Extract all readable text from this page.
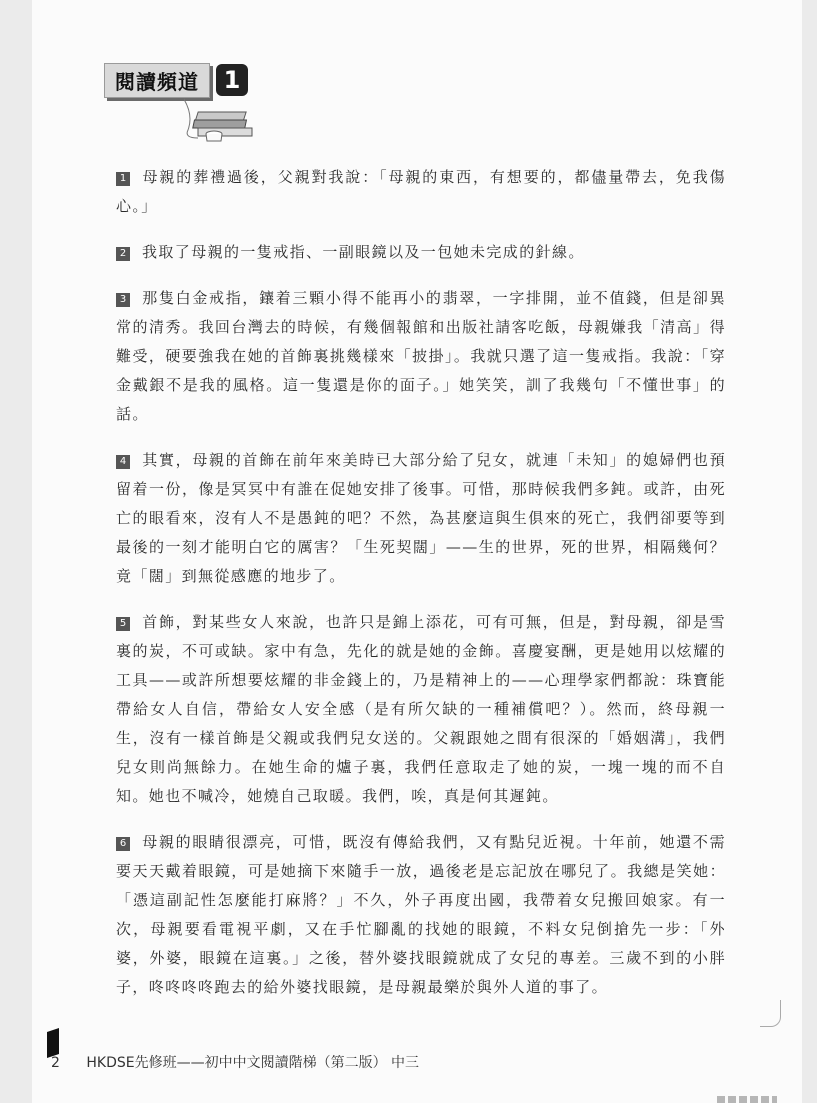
閱讀頻道	1

1 母親的葬禮過後，父親對我說：「母親的東西，有想要的，都儘量帶去，免我傷心。」

2 我取了母親的一隻戒指、一副眼鏡以及一包她未完成的針線。

3 那隻白金戒指，鑲着三顆小得不能再小的翡翠，一字排開，並不值錢，但是卻異常的清秀。我回台灣去的時候，有幾個報館和出版社請客吃飯，母親嫌我「清高」得難受，硬要強我在她的首飾裏挑幾樣來「披掛」。我就只選了這一隻戒指。我說：「穿金戴銀不是我的風格。這一隻還是你的面子。」她笑笑，訓了我幾句「不懂世事」的話。

4 其實，母親的首飾在前年來美時已大部分給了兒女，就連「未知」的媳婦們也預留着一份，像是冥冥中有誰在促她安排了後事。可惜，那時候我們多鈍。或許，由死亡的眼看來，沒有人不是愚鈍的吧？不然，為甚麼這與生俱來的死亡，我們卻要等到最後的一刻才能明白它的厲害？「生死契闊」——生的世界，死的世界，相隔幾何？竟「闊」到無從感應的地步了。

5 首飾，對某些女人來說，也許只是錦上添花，可有可無，但是，對母親，卻是雪裏的炭，不可或缺。家中有急，先化的就是她的金飾。喜慶宴酬，更是她用以炫耀的工具——或許所想要炫耀的非金錢上的，乃是精神上的——心理學家們都說：珠寶能帶給女人自信，帶給女人安全感（是有所欠缺的一種補償吧？）。然而，終母親一生，沒有一樣首飾是父親或我們兒女送的。父親跟她之間有很深的「婚姻溝」，我們兒女則尚無餘力。在她生命的爐子裏，我們任意取走了她的炭，一塊一塊的而不自知。她也不喊冷，她燒自己取暖。我們，唉，真是何其遲鈍。

6 母親的眼睛很漂亮，可惜，既沒有傳給我們，又有點兒近視。十年前，她還不需要天天戴着眼鏡，可是她摘下來隨手一放，過後老是忘記放在哪兒了。我總是笑她：「憑這副記性怎麼能打麻將？」不久，外子再度出國，我帶着女兒搬回娘家。有一次，母親要看電視平劇，又在手忙腳亂的找她的眼鏡，不料女兒倒搶先一步：「外婆，外婆，眼鏡在這裏。」之後，替外婆找眼鏡就成了女兒的專差。三歲不到的小胖子，咚咚咚咚跑去的給外婆找眼鏡，是母親最樂於與外人道的事了。

2 HKDSE先修班——初中中文閱讀階梯（第二版） 中三
